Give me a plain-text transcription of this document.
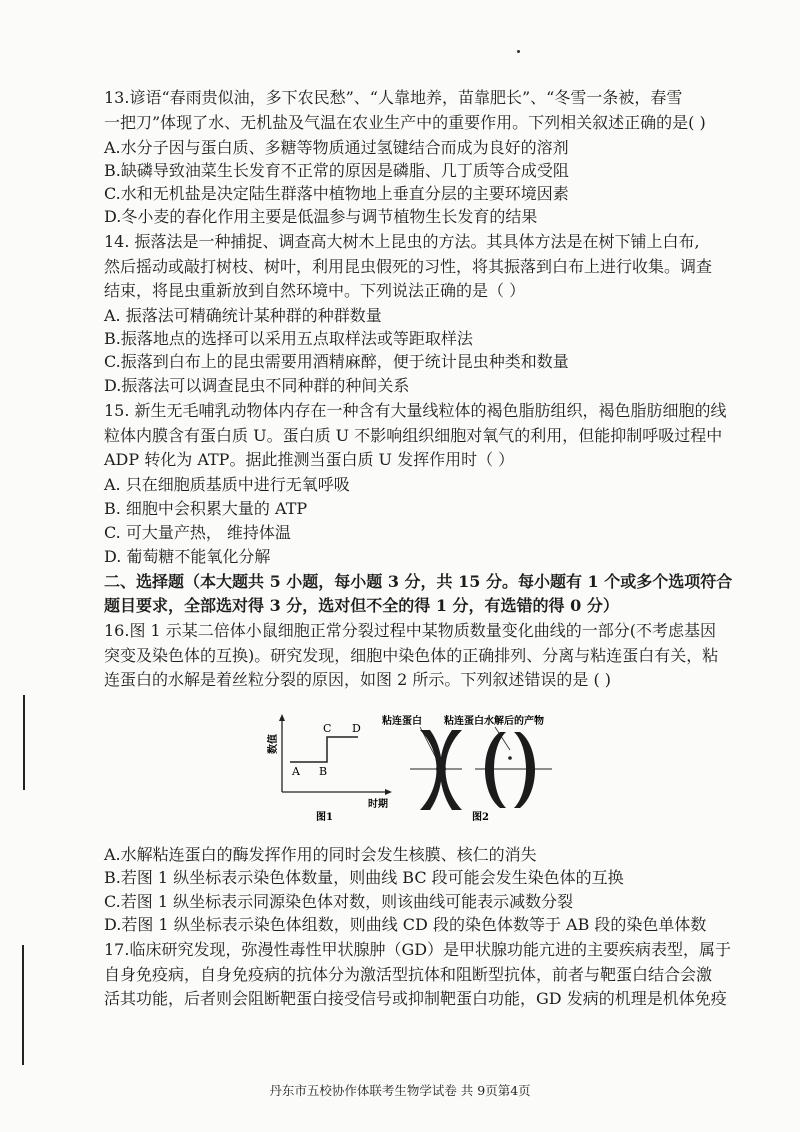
13.谚语“春雨贵似油，多下农民愁”、“人靠地养，苗靠肥长”、“冬雪一条被，春雪
一把刀”体现了水、无机盐及气温在农业生产中的重要作用。下列相关叙述正确的是( )
A.水分子因与蛋白质、多糖等物质通过氢键结合而成为良好的溶剂
B.缺磷导致油菜生长发育不正常的原因是磷脂、几丁质等合成受阻
C.水和无机盐是决定陆生群落中植物地上垂直分层的主要环境因素
D.冬小麦的春化作用主要是低温参与调节植物生长发育的结果
14. 振落法是一种捕捉、调查高大树木上昆虫的方法。其具体方法是在树下铺上白布,
然后摇动或敲打树枝、树叶，利用昆虫假死的习性，将其振落到白布上进行收集。调查
结束，将昆虫重新放到自然环境中。下列说法正确的是（ ）
A. 振落法可精确统计某种群的种群数量
B.振落地点的选择可以采用五点取样法或等距取样法
C.振落到白布上的昆虫需要用酒精麻醉，便于统计昆虫种类和数量
D.振落法可以调查昆虫不同种群的种间关系
15. 新生无毛哺乳动物体内存在一种含有大量线粒体的褐色脂肪组织，褐色脂肪细胞的线
粒体内膜含有蛋白质 U。蛋白质 U 不影响组织细胞对氧气的利用，但能抑制呼吸过程中
ADP 转化为 ATP。据此推测当蛋白质 U 发挥作用时（ ）
A. 只在细胞质基质中进行无氧呼吸
B. 细胞中会积累大量的 ATP
C. 可大量产热， 维持体温
D. 葡萄糖不能氧化分解
二、选择题（本大题共 5 小题，每小题 3 分，共 15 分。每小题有 1 个或多个选项符合
题目要求，全部选对得 3 分，选对但不全的得 1 分，有选错的得 0 分）
16.图 1 示某二倍体小鼠细胞正常分裂过程中某物质数量变化曲线的一部分(不考虑基因
突变及染色体的互换)。研究发现，细胞中染色体的正确排列、分离与粘连蛋白有关，粘
连蛋白的水解是着丝粒分裂的原因，如图 2 所示。下列叙述错误的是 ( )
数值
A B
C D
时期
图1
粘连蛋白 粘连蛋白水解后的产物
图2
A.水解粘连蛋白的酶发挥作用的同时会发生核膜、核仁的消失
B.若图 1 纵坐标表示染色体数量，则曲线 BC 段可能会发生染色体的互换
C.若图 1 纵坐标表示同源染色体对数，则该曲线可能表示减数分裂
D.若图 1 纵坐标表示染色体组数，则曲线 CD 段的染色体数等于 AB 段的染色单体数
17.临床研究发现，弥漫性毒性甲状腺肿（GD）是甲状腺功能亢进的主要疾病表型，属于
自身免疫病，自身免疫病的抗体分为激活型抗体和阻断型抗体，前者与靶蛋白结合会激
活其功能，后者则会阻断靶蛋白接受信号或抑制靶蛋白功能，GD 发病的机理是机体免疫
丹东市五校协作体联考生物学试卷 共 9页第4页
